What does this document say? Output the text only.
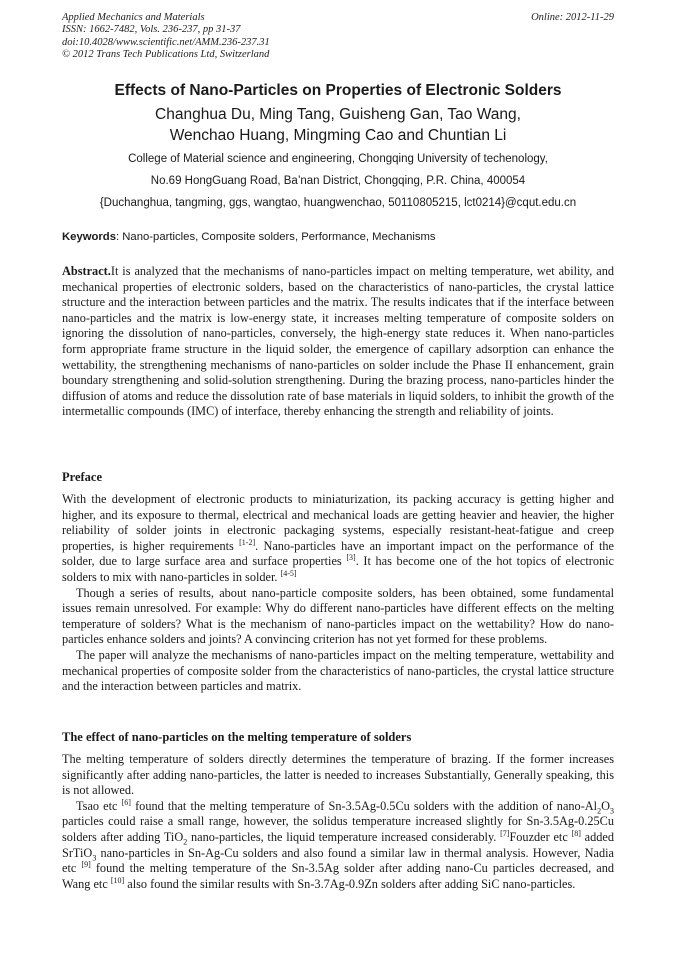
Applied Mechanics and Materials
ISSN: 1662-7482, Vols. 236-237, pp 31-37
doi:10.4028/www.scientific.net/AMM.236-237.31
© 2012 Trans Tech Publications Ltd, Switzerland
Online: 2012-11-29
Effects of Nano-Particles on Properties of Electronic Solders
Changhua Du, Ming Tang, Guisheng Gan, Tao Wang,
Wenchao Huang, Mingming Cao and Chuntian Li
College of Material science and engineering, Chongqing University of techenology,
No.69 HongGuang Road, Ba’nan District, Chongqing, P.R. China, 400054
{Duchanghua, tangming, ggs, wangtao, huangwenchao, 50110805215, lct0214}@cqut.edu.cn
Keywords: Nano-particles, Composite solders, Performance, Mechanisms

Abstract.It is analyzed that the mechanisms of nano-particles impact on melting temperature, wet ability, and mechanical properties of electronic solders, based on the characteristics of nano-particles, the crystal lattice structure and the interaction between particles and the matrix. The results indicates that if the interface between nano-particles and the matrix is low-energy state, it increases melting temperature of composite solders on ignoring the dissolution of nano-particles, conversely, the high-energy state reduces it. When nano-particles form appropriate frame structure in the liquid solder, the emergence of capillary adsorption can enhance the wettability, the strengthening mechanisms of nano-particles on solder include the Phase II enhancement, grain boundary strengthening and solid-solution strengthening. During the brazing process, nano-particles hinder the diffusion of atoms and reduce the dissolution rate of base materials in liquid solders, to inhibit the growth of the intermetallic compounds (IMC) of interface, thereby enhancing the strength and reliability of joints.

Preface

With the development of electronic products to miniaturization, its packing accuracy is getting higher and higher, and its exposure to thermal, electrical and mechanical loads are getting heavier and heavier, the higher reliability of solder joints in electronic packaging systems, especially resistant-heat-fatigue and creep properties, is higher requirements [1-2]. Nano-particles have an important impact on the performance of the solder, due to large surface area and surface properties [3]. It has become one of the hot topics of electronic solders to mix with nano-particles in solder. [4-5]

Though a series of results, about nano-particle composite solders, has been obtained, some fundamental issues remain unresolved. For example: Why do different nano-particles have different effects on the melting temperature of solders? What is the mechanism of nano-particles impact on the wettability? How do nano-particles enhance solders and joints? A convincing criterion has not yet formed for these problems.

The paper will analyze the mechanisms of nano-particles impact on the melting temperature, wettability and mechanical properties of composite solder from the characteristics of nano-particles, the crystal lattice structure and the interaction between particles and matrix.

The effect of nano-particles on the melting temperature of solders

The melting temperature of solders directly determines the temperature of brazing. If the former increases significantly after adding nano-particles, the latter is needed to increases Substantially, Generally speaking, this is not allowed.

Tsao etc [6] found that the melting temperature of Sn-3.5Ag-0.5Cu solders with the addition of nano-$Al_2O_3$ particles could raise a small range, however, the solidus temperature increased slightly for Sn-3.5Ag-0.25Cu solders after adding TiO$_2$ nano-particles, the liquid temperature increased considerably. [7]Fouzder etc [8] added SrTiO$_3$ nano-particles in Sn-Ag-Cu solders and also found a similar law in thermal analysis. However, Nadia etc [9] found the melting temperature of the Sn-3.5Ag solder after adding nano-Cu particles decreased, and Wang etc [10] also found the similar results with Sn-3.7Ag-0.9Zn solders after adding SiC nano-particles.
